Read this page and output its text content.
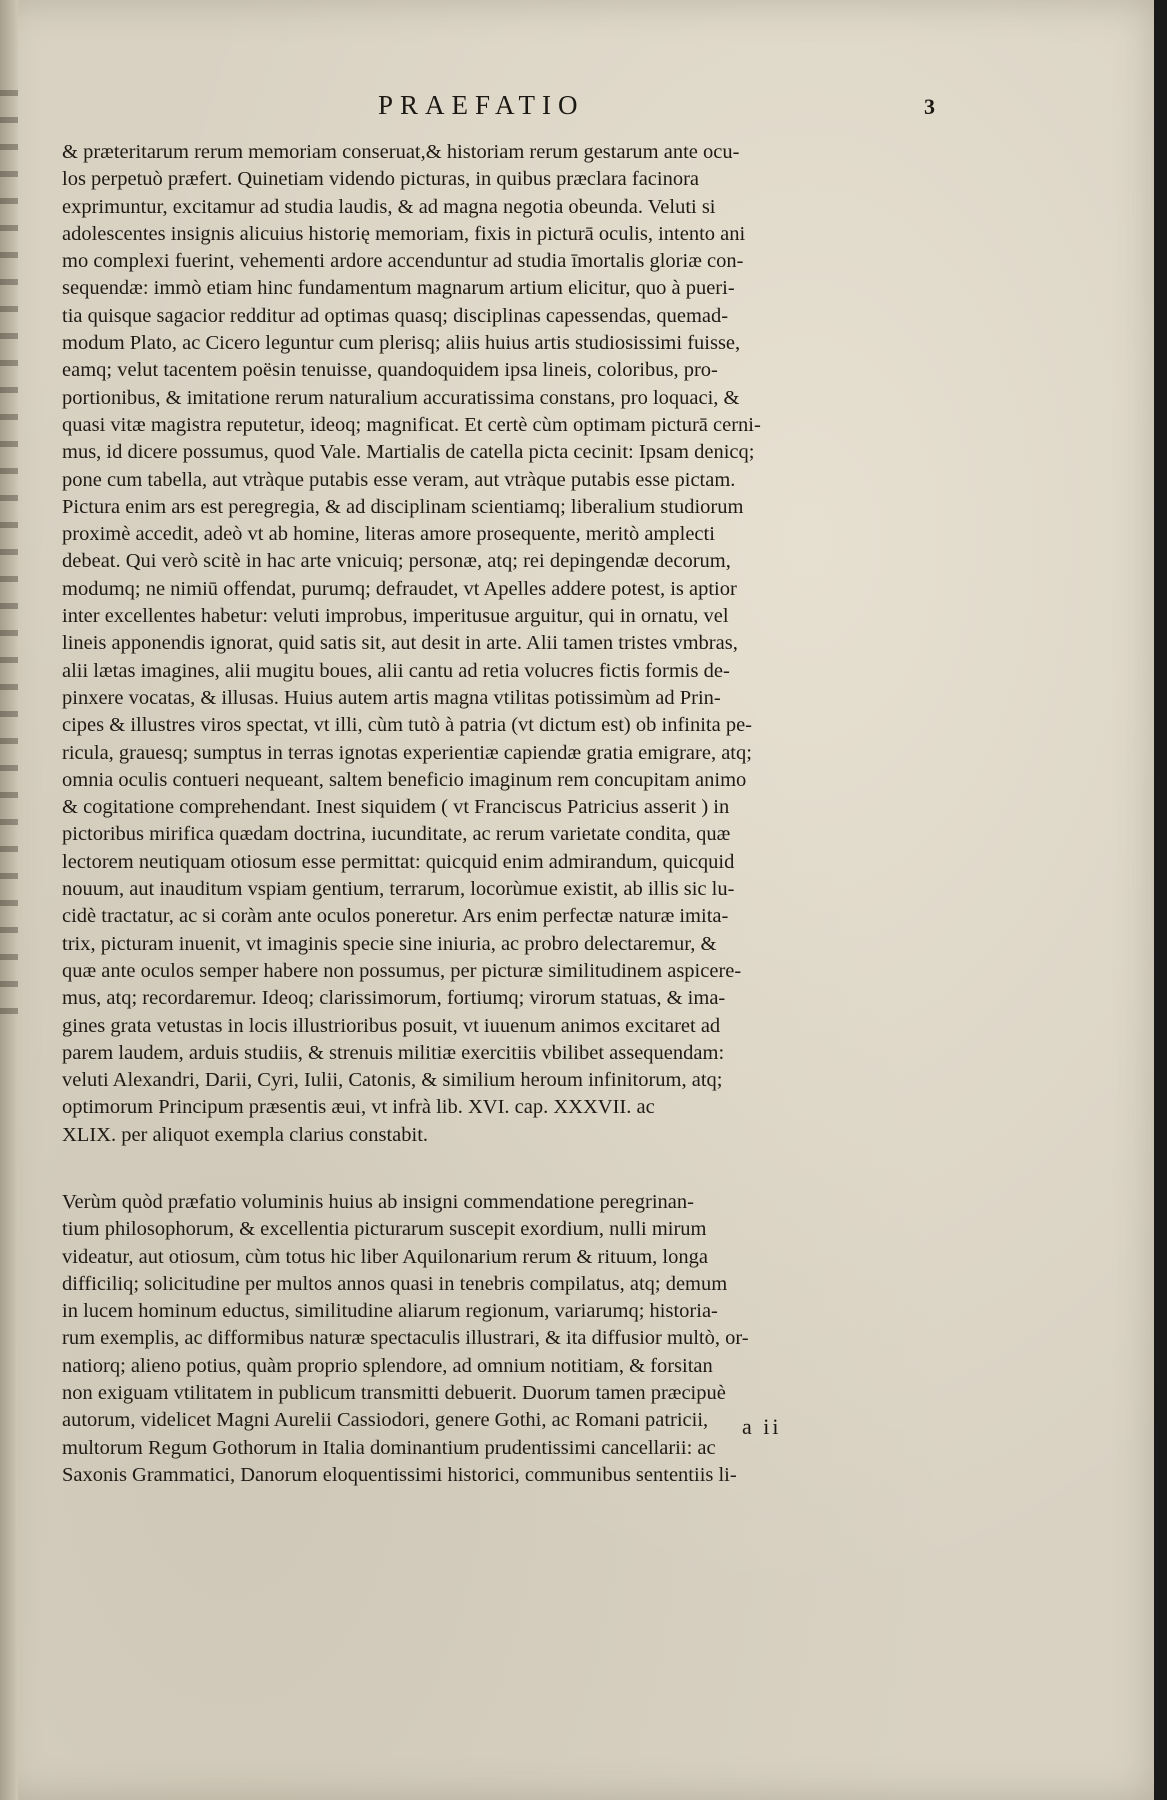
PRAEFATIO	3
& præteritarum rerum memoriam conseruat,& historiam rerum gestarum ante ocu-
los perpetuò præfert. Quinetiam videndo picturas, in quibus præclara facinora
exprimuntur, excitamur ad studia laudis, & ad magna negotia obeunda. Veluti si
adolescentes insignis alicuius historię memoriam, fixis in picturā oculis, intento ani
mo complexi fuerint, vehementi ardore accenduntur ad studia īmortalis gloriæ con-
sequendæ: immò etiam hinc fundamentum magnarum artium elicitur, quo à pueri-
tia quisque sagacior redditur ad optimas quasq; disciplinas capessendas, quemad-
modum Plato, ac Cicero leguntur cum plerisq; aliis huius artis studiosissimi fuisse,
eamq; velut tacentem poësin tenuisse, quandoquidem ipsa lineis, coloribus, pro-
portionibus, & imitatione rerum naturalium accuratissima constans, pro loquaci, &
quasi vitæ magistra reputetur, ideoq; magnificat. Et certè cùm optimam picturā cerni-
mus, id dicere possumus, quod Vale. Martialis de catella picta cecinit: Ipsam denicq;
pone cum tabella, aut vtràque putabis esse veram, aut vtràque putabis esse pictam.
Pictura enim ars est peregregia, & ad disciplinam scientiamq; liberalium studiorum
proximè accedit, adeò vt ab homine, literas amore prosequente, meritò amplecti
debeat. Qui verò scitè in hac arte vnicuiq; personæ, atq; rei depingendæ decorum,
modumq; ne nimiū offendat, purumq; defraudet, vt Apelles addere potest, is aptior
inter excellentes habetur: veluti improbus, imperitusue arguitur, qui in ornatu, vel
lineis apponendis ignorat, quid satis sit, aut desit in arte. Alii tamen tristes vmbras,
alii lætas imagines, alii mugitu boues, alii cantu ad retia volucres fictis formis de-
pinxere vocatas, & illusas. Huius autem artis magna vtilitas potissimùm ad Prin-
cipes & illustres viros spectat, vt illi, cùm tutò à patria (vt dictum est) ob infinita pe-
ricula, grauesq; sumptus in terras ignotas experientiæ capiendæ gratia emigrare, atq;
omnia oculis contueri nequeant, saltem beneficio imaginum rem concupitam animo
& cogitatione comprehendant. Inest siquidem ( vt Franciscus Patricius asserit ) in
pictoribus mirifica quædam doctrina, iucunditate, ac rerum varietate condita, quæ
lectorem neutiquam otiosum esse permittat: quicquid enim admirandum, quicquid
nouum, aut inauditum vspiam gentium, terrarum, locorùmue existit, ab illis sic lu-
cidè tractatur, ac si coràm ante oculos poneretur. Ars enim perfectæ naturæ imita-
trix, picturam inuenit, vt imaginis specie sine iniuria, ac probro delectaremur, &
quæ ante oculos semper habere non possumus, per picturæ similitudinem aspicere-
mus, atq; recordaremur. Ideoq; clarissimorum, fortiumq; virorum statuas, & ima-
gines grata vetustas in locis illustrioribus posuit, vt iuuenum animos excitaret ad
parem laudem, arduis studiis, & strenuis militiæ exercitiis vbilibet assequendam:
veluti Alexandri, Darii, Cyri, Iulii, Catonis, & similium heroum infinitorum, atq;
optimorum Principum præsentis æui, vt infrà lib. XVI. cap. XXXVII. ac
XLIX. per aliquot exempla clarius constabit.
Verùm quòd præfatio voluminis huius ab insigni commendatione peregrinan-
tium philosophorum, & excellentia picturarum suscepit exordium, nulli mirum
videatur, aut otiosum, cùm totus hic liber Aquilonarium rerum & rituum, longa
difficiliq; solicitudine per multos annos quasi in tenebris compilatus, atq; demum
in lucem hominum eductus, similitudine aliarum regionum, variarumq; historia-
rum exemplis, ac difformibus naturæ spectaculis illustrari, & ita diffusior multò, or-
natiorq; alieno potius, quàm proprio splendore, ad omnium notitiam, & forsitan
non exiguam vtilitatem in publicum transmitti debuerit. Duorum tamen præcipuè
autorum, videlicet Magni Aurelii Cassiodori, genere Gothi, ac Romani patricii,
multorum Regum Gothorum in Italia dominantium prudentissimi cancellarii: ac
Saxonis Grammatici, Danorum eloquentissimi historici, communibus sententiis li-
a ii
